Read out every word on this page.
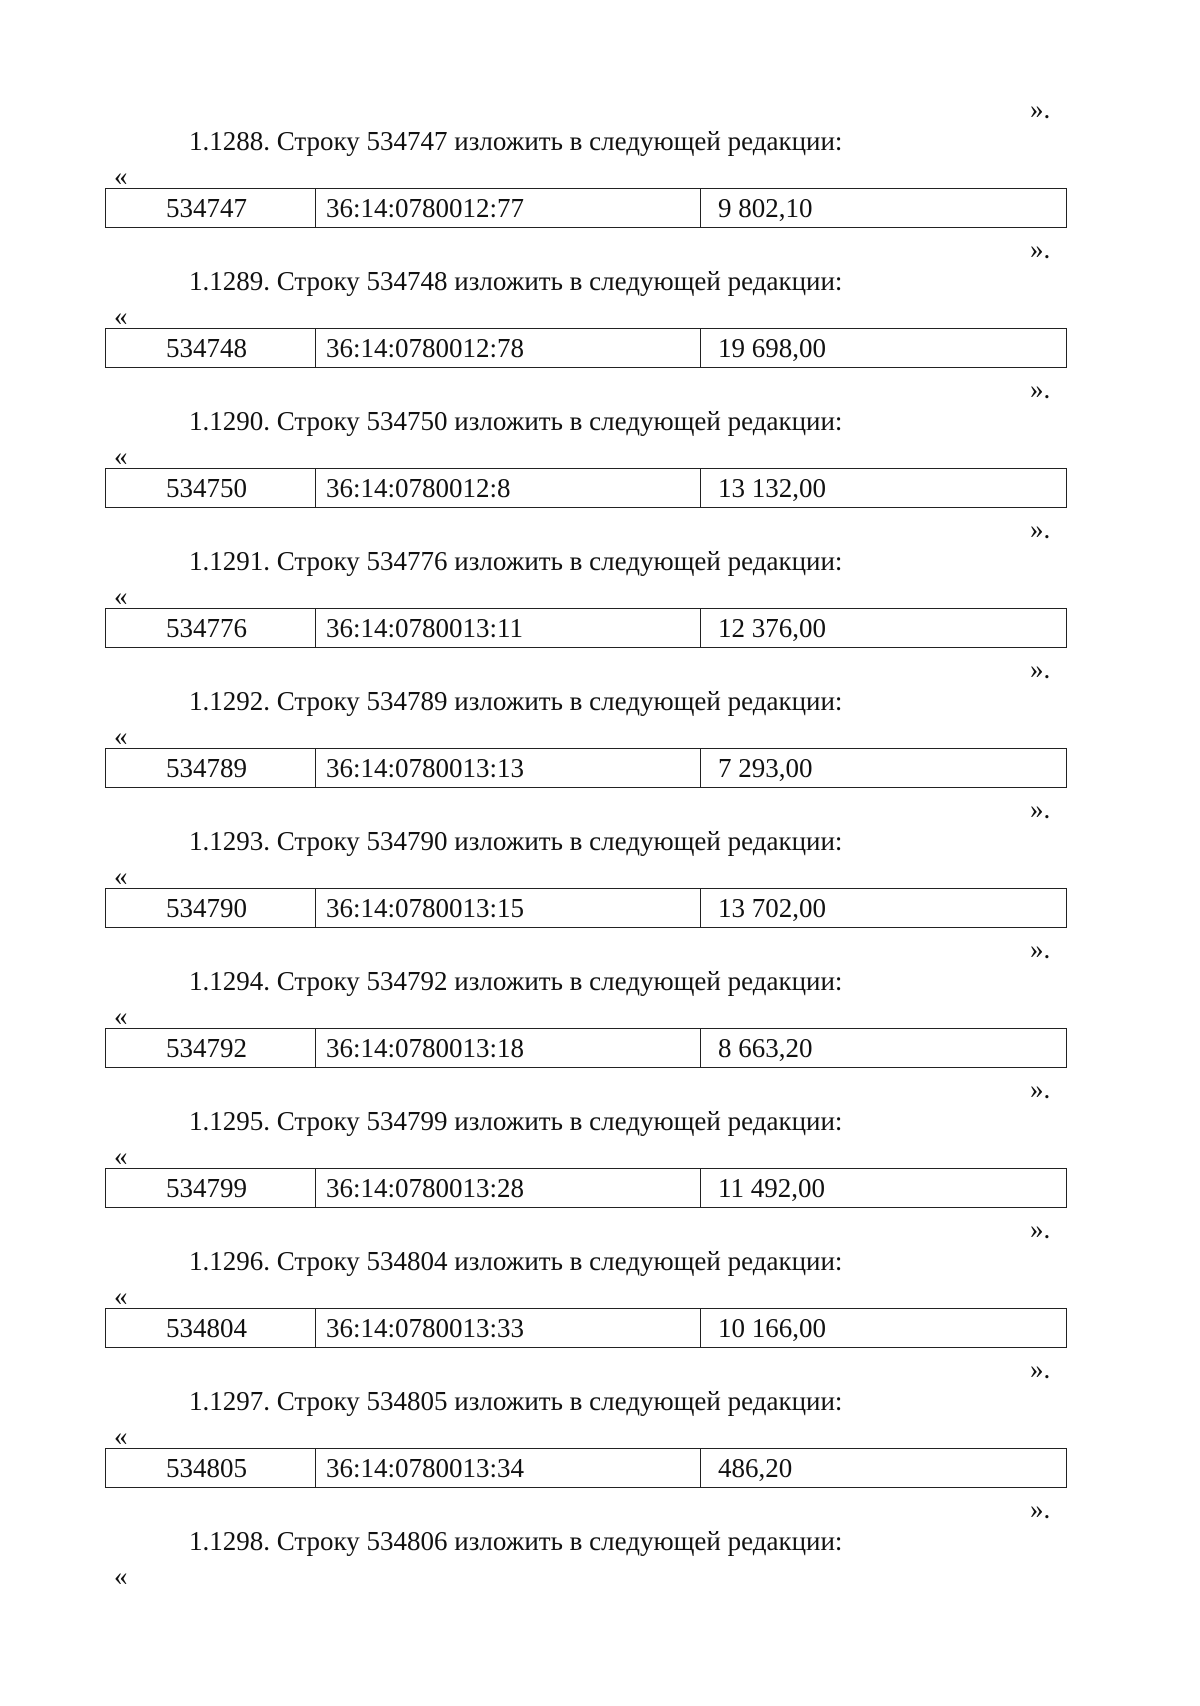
».
1.1288. Строку 534747 изложить в следующей редакции:
«
534747	36:14:0780012:77	9 802,10
».
1.1289. Строку 534748 изложить в следующей редакции:
«
534748	36:14:0780012:78	19 698,00
».
1.1290. Строку 534750 изложить в следующей редакции:
«
534750	36:14:0780012:8	13 132,00
».
1.1291. Строку 534776 изложить в следующей редакции:
«
534776	36:14:0780013:11	12 376,00
».
1.1292. Строку 534789 изложить в следующей редакции:
«
534789	36:14:0780013:13	7 293,00
».
1.1293. Строку 534790 изложить в следующей редакции:
«
534790	36:14:0780013:15	13 702,00
».
1.1294. Строку 534792 изложить в следующей редакции:
«
534792	36:14:0780013:18	8 663,20
».
1.1295. Строку 534799 изложить в следующей редакции:
«
534799	36:14:0780013:28	11 492,00
».
1.1296. Строку 534804 изложить в следующей редакции:
«
534804	36:14:0780013:33	10 166,00
».
1.1297. Строку 534805 изложить в следующей редакции:
«
534805	36:14:0780013:34	486,20
».
1.1298. Строку 534806 изложить в следующей редакции:
«
